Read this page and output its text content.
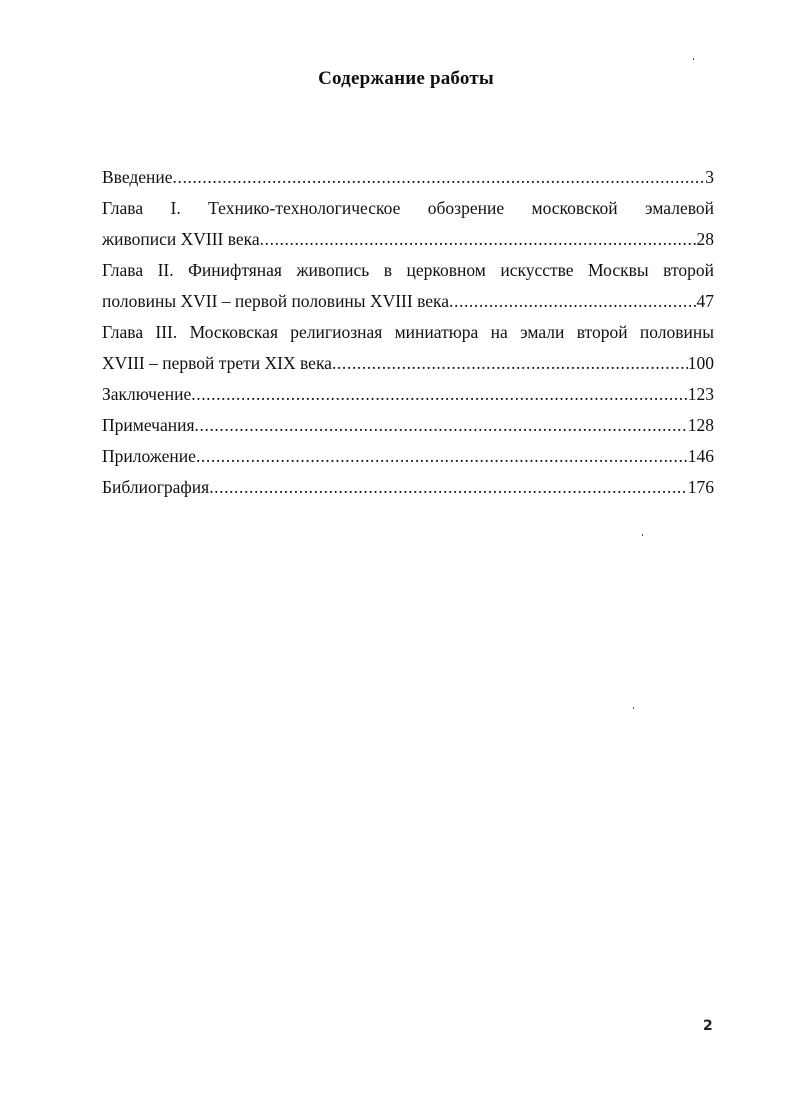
Содержание работы
Введение .....	3
Глава I. Технико-технологическое обозрение московской эмалевой
живописи XVIII века .....	28
Глава II. Финифтяная живопись в церковном искусстве Москвы второй
половины XVII – первой половины XVIII века .....	47
Глава III. Московская религиозная миниатюра на эмали второй половины
XVIII – первой трети XIX века .....	100
Заключение .....	123
Примечания .....	128
Приложение .....	146
Библиография .....	176
2
